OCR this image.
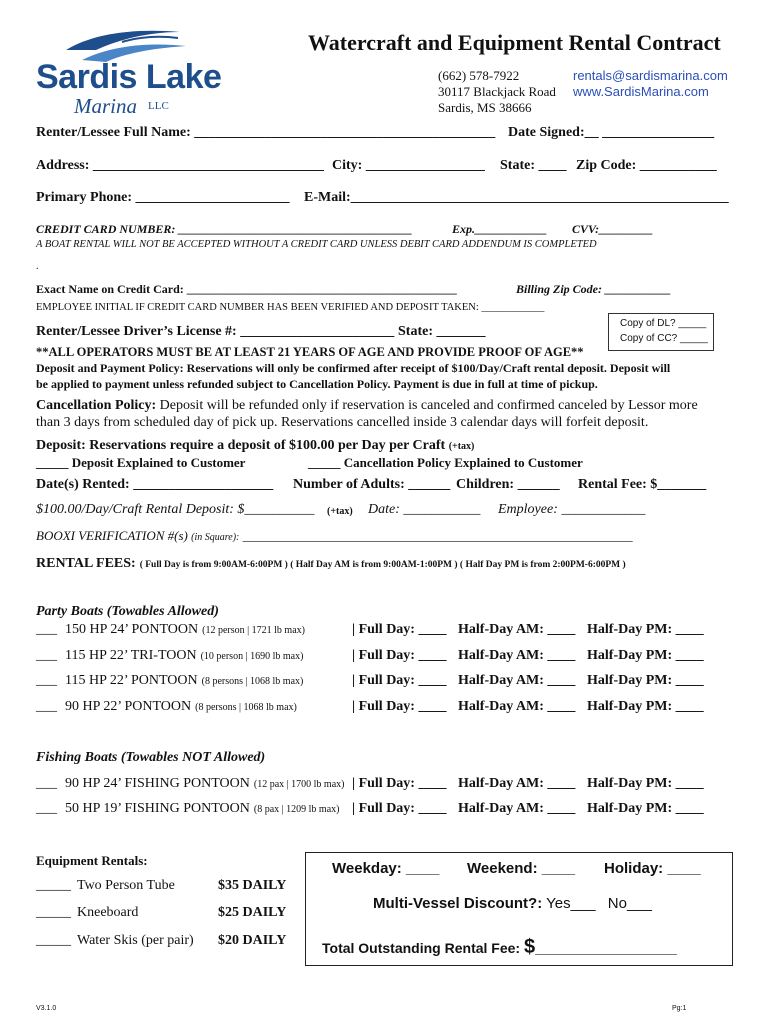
Sardis Lake
Marina LLC
Watercraft and Equipment Rental Contract
(662) 578-7922
30117 Blackjack Road
Sardis, MS 38666
rentals@sardismarina.com
www.SardisMarina.com
Renter/Lessee Full Name: ___________________________________________ Date Signed:__ ________________
Address: _________________________________ City: _________________ State: ____ Zip Code: ___________
Primary Phone: ______________________ E-Mail:______________________________________________________
CREDIT CARD NUMBER: _______________________________________	Exp.____________ CVV:_________
A BOAT RENTAL WILL NOT BE ACCEPTED WITHOUT A CREDIT CARD UNLESS DEBIT CARD ADDENDUM IS COMPLETED
.
Exact Name on Credit Card: _____________________________________________	Billing Zip Code: ___________
EMPLOYEE INITIAL IF CREDIT CARD NUMBER HAS BEEN VERIFIED AND DEPOSIT TAKEN: ____________
Renter/Lessee Driver’s License #: ______________________ State: _______
Copy of DL? _____
Copy of CC? _____
**ALL OPERATORS MUST BE AT LEAST 21 YEARS OF AGE AND PROVIDE PROOF OF AGE**
Deposit and Payment Policy: Reservations will only be confirmed after receipt of $100/Day/Craft rental deposit. Deposit will
be applied to payment unless refunded subject to Cancellation Policy. Payment is due in full at time of pickup.
Cancellation Policy: Deposit will be refunded only if reservation is canceled and confirmed canceled by Lessor more
than 3 days from scheduled day of pick up. Reservations cancelled inside 3 calendar days will forfeit deposit.
Deposit: Reservations require a deposit of $100.00 per Day per Craft (+tax)
_____ Deposit Explained to Customer	_____ Cancellation Policy Explained to Customer
Date(s) Rented: ____________________ Number of Adults: ______ Children: ______ Rental Fee: $_______
$100.00/Day/Craft Rental Deposit: $__________ (+tax) Date: ___________ Employee: ____________
BOOXI VERIFICATION #(s) (in Square): ____________________________________________________________
RENTAL FEES: ( Full Day is from 9:00AM-6:00PM ) ( Half Day AM is from 9:00AM-1:00PM ) ( Half Day PM is from 2:00PM-6:00PM )
Party Boats (Towables Allowed)
___ 150 HP 24’ PONTOON (12 person | 1721 lb max)	| Full Day: ____ Half-Day AM: ____ Half-Day PM: ____
___ 115 HP 22’ TRI-TOON (10 person | 1690 lb max)	| Full Day: ____ Half-Day AM: ____ Half-Day PM: ____
___ 115 HP 22’ PONTOON (8 persons | 1068 lb max)	| Full Day: ____ Half-Day AM: ____ Half-Day PM: ____
___ 90 HP 22’ PONTOON (8 persons | 1068 lb max)	| Full Day: ____ Half-Day AM: ____ Half-Day PM: ____
Fishing Boats (Towables NOT Allowed)
___ 90 HP 24’ FISHING PONTOON (12 pax | 1700 lb max) | Full Day: ____ Half-Day AM: ____ Half-Day PM: ____
___ 50 HP 19’ FISHING PONTOON (8 pax | 1209 lb max) | Full Day: ____ Half-Day AM: ____ Half-Day PM: ____
Equipment Rentals:
_____ Two Person Tube	$35 DAILY
_____ Kneeboard	$25 DAILY
_____ Water Skis (per pair) $20 DAILY
Weekday: ____ Weekend: ____ Holiday: ____
Multi-Vessel Discount?: Yes___ No___
Total Outstanding Rental Fee: $_________________
V3.1.0	Pg:1
